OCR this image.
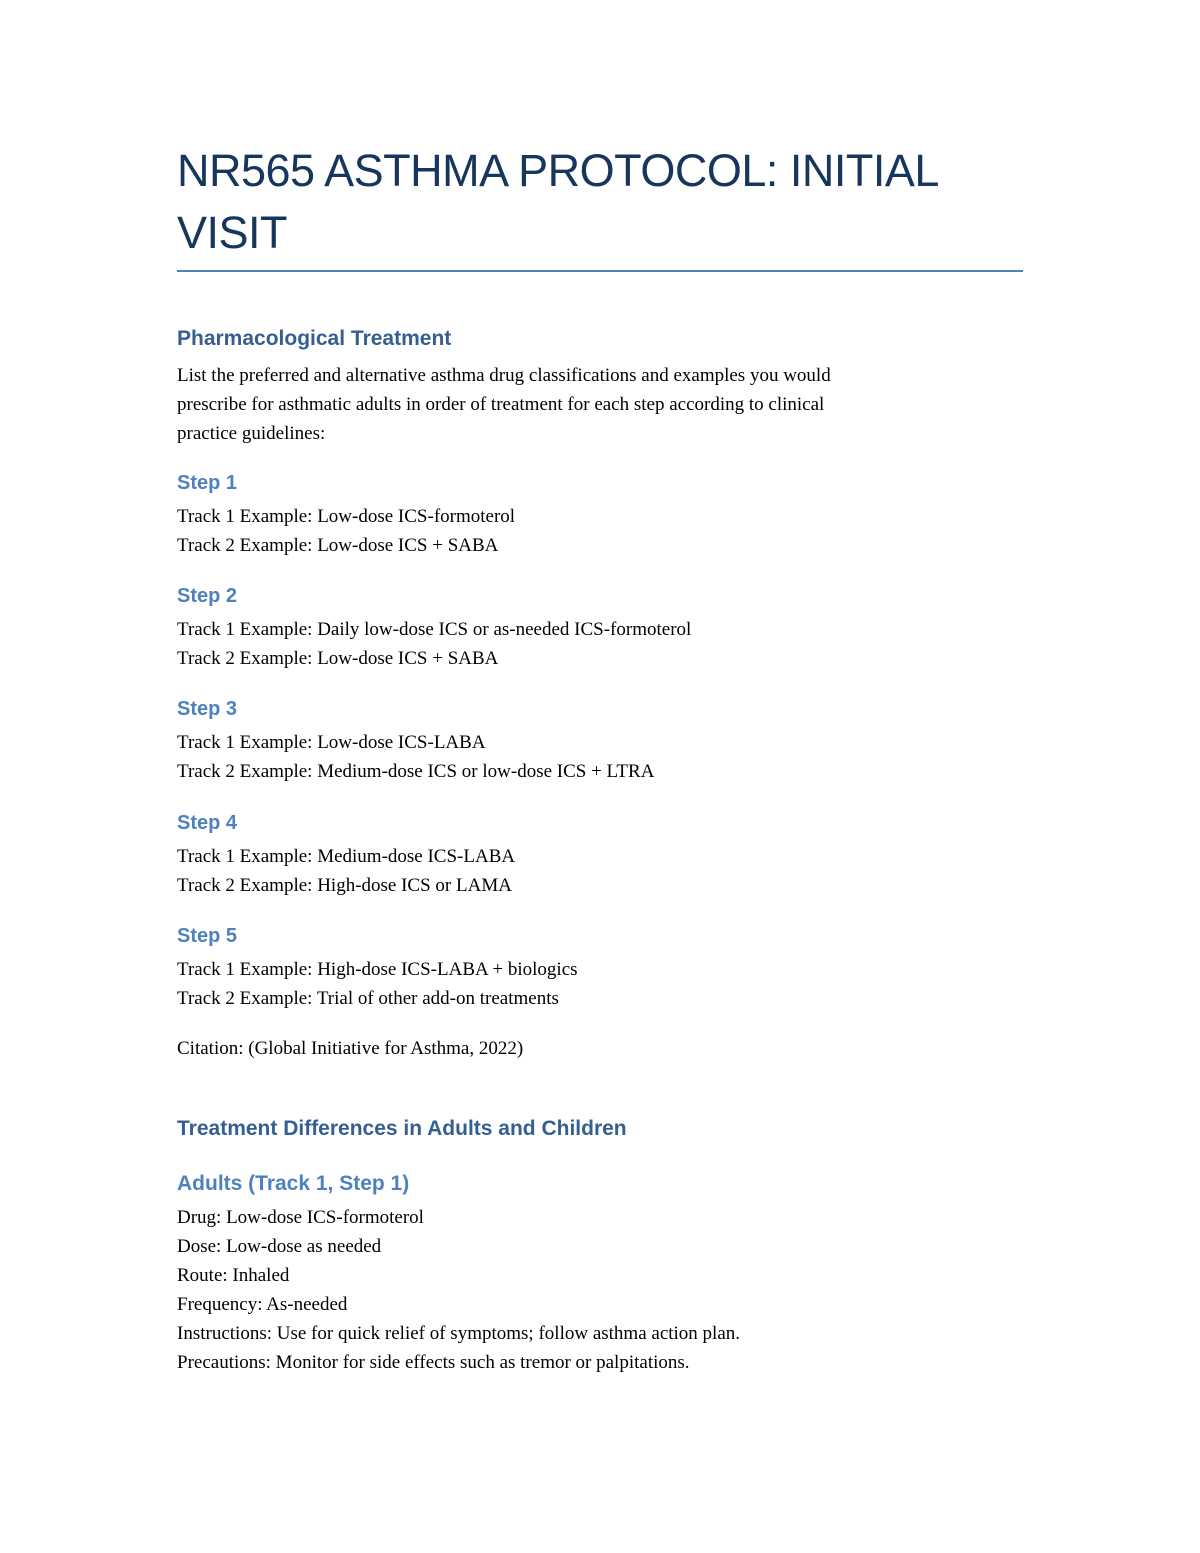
NR565 ASTHMA PROTOCOL: INITIAL
VISIT
Pharmacological Treatment

List the preferred and alternative asthma drug classifications and examples you would
prescribe for asthmatic adults in order of treatment for each step according to clinical
practice guidelines:

Step 1

Track 1 Example: Low-dose ICS-formoterol
Track 2 Example: Low-dose ICS + SABA

Step 2

Track 1 Example: Daily low-dose ICS or as-needed ICS-formoterol
Track 2 Example: Low-dose ICS + SABA

Step 3

Track 1 Example: Low-dose ICS-LABA
Track 2 Example: Medium-dose ICS or low-dose ICS + LTRA

Step 4

Track 1 Example: Medium-dose ICS-LABA
Track 2 Example: High-dose ICS or LAMA

Step 5

Track 1 Example: High-dose ICS-LABA + biologics
Track 2 Example: Trial of other add-on treatments

Citation: (Global Initiative for Asthma, 2022)

Treatment Differences in Adults and Children
Adults (Track 1, Step 1)

Drug: Low-dose ICS-formoterol
Dose: Low-dose as needed
Route: Inhaled
Frequency: As-needed
Instructions: Use for quick relief of symptoms; follow asthma action plan.
Precautions: Monitor for side effects such as tremor or palpitations.
